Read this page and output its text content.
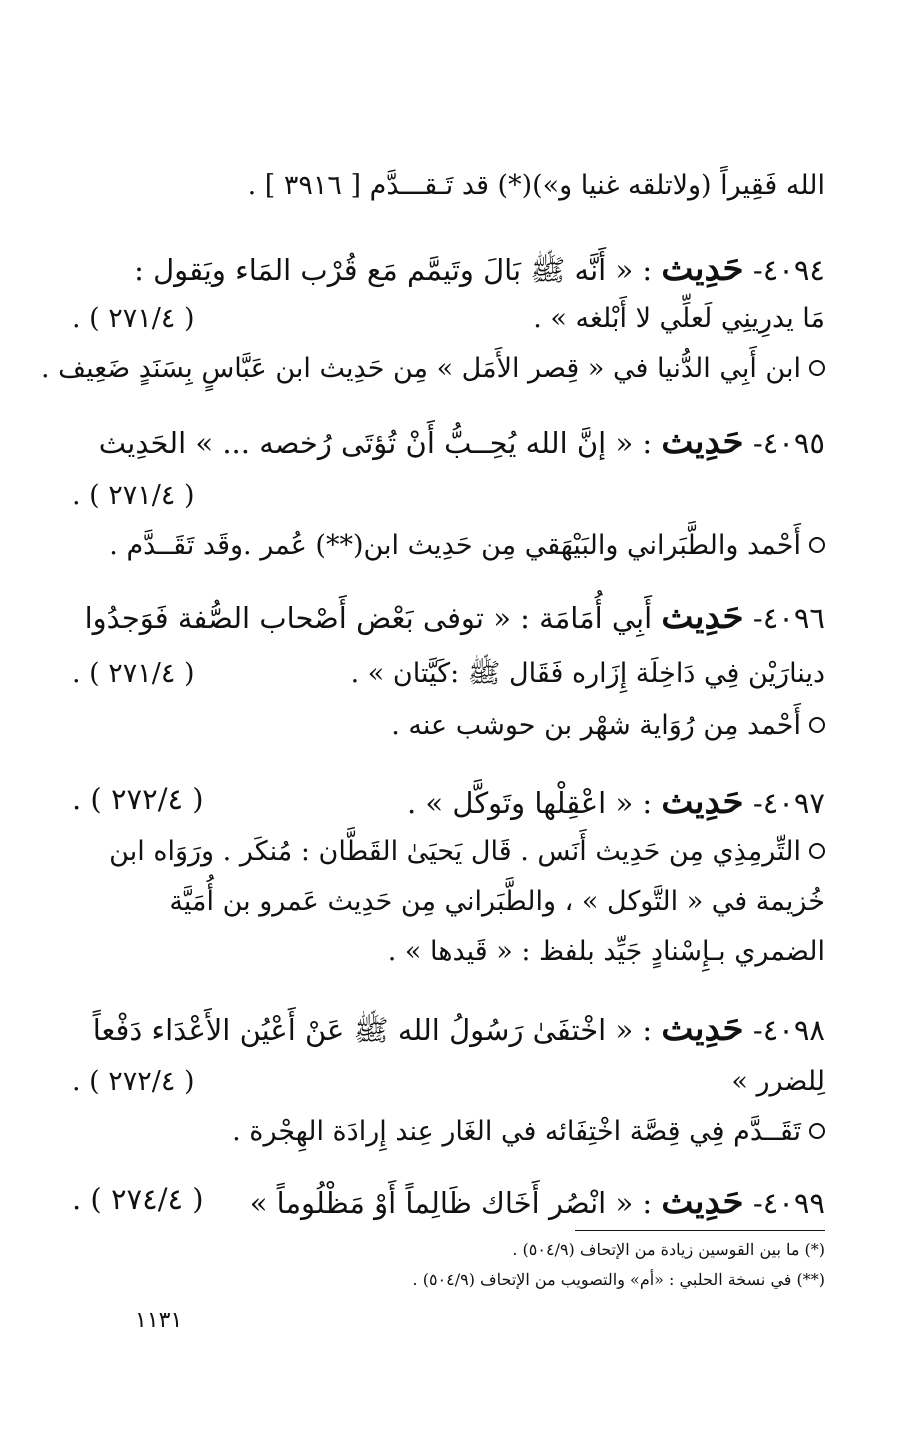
الله فَقِيراً (ولاتلقه غنيا و»)(*) قد تَـقـــدَّم [ ٣٩١٦ ] .
٤٠٩٤- حَدِيث : « أَنَّه ﷺ بَالَ وتَيمَّم مَع قُرْب المَاء ويَقول :
مَا يدرِينِي لَعلِّي لا أَبْلغه » .
( ٢٧١/٤ ) .
ابن أَبِي الدُّنيا في « قِصر الأَمَل » مِن حَدِيث ابن عَبَّاسٍ بِسَنَدٍ ضَعِيف .
٤٠٩٥- حَدِيث : « إنَّ الله يُحِــبُّ أَنْ تُؤتَى رُخصه ... » الحَدِيث
( ٢٧١/٤ ) .
أَحْمد والطَّبَراني والبَيْهَقي مِن حَدِيث ابن(**) عُمر .وقَد تَقَــدَّم .
٤٠٩٦- حَدِيث أَبِي أُمَامَة : « توفى بَعْض أَصْحاب الصُّفة فَوَجدُوا
دينارَيْن فِي دَاخِلَة إِزَاره فَقَال ﷺ :كَيَّتان » .
( ٢٧١/٤ ) .
أَحْمد مِن رُوَاية شهْر بن حوشب عنه .
٤٠٩٧- حَدِيث : « اعْقِلْها وتَوكَّل » .
( ٢٧٢/٤ ) .
التِّرمِذِي مِن حَدِيث أَنَس . قَال يَحيَىٰ القَطَّان : مُنكَر . ورَوَاه ابن
خُزيمة في « التَّوكل » ، والطَّبَراني مِن حَدِيث عَمرو بن أُمَيَّة
الضمري بـإِسْنادٍ جَيِّد بلفظ : « قَيدها » .
٤٠٩٨- حَدِيث : « اخْتفَىٰ رَسُولُ الله ﷺ عَنْ أَعْيُن الأَعْدَاء دَفْعاً
لِلضرر »
( ٢٧٢/٤ ) .
تَقَــدَّم فِي قِصَّة اخْتِفَائه في الغَار عِند إِرادَة الهِجْرة .
٤٠٩٩- حَدِيث : « انْصُر أَخَاك ظَالِماً أَوْ مَظْلُوماً »
( ٢٧٤/٤ ) .
(*) ما بين القوسين زيادة من الإتحاف (٥٠٤/٩) .
(**) في نسخة الحلبي : «أم» والتصويب من الإتحاف (٥٠٤/٩) .
١١٣١
